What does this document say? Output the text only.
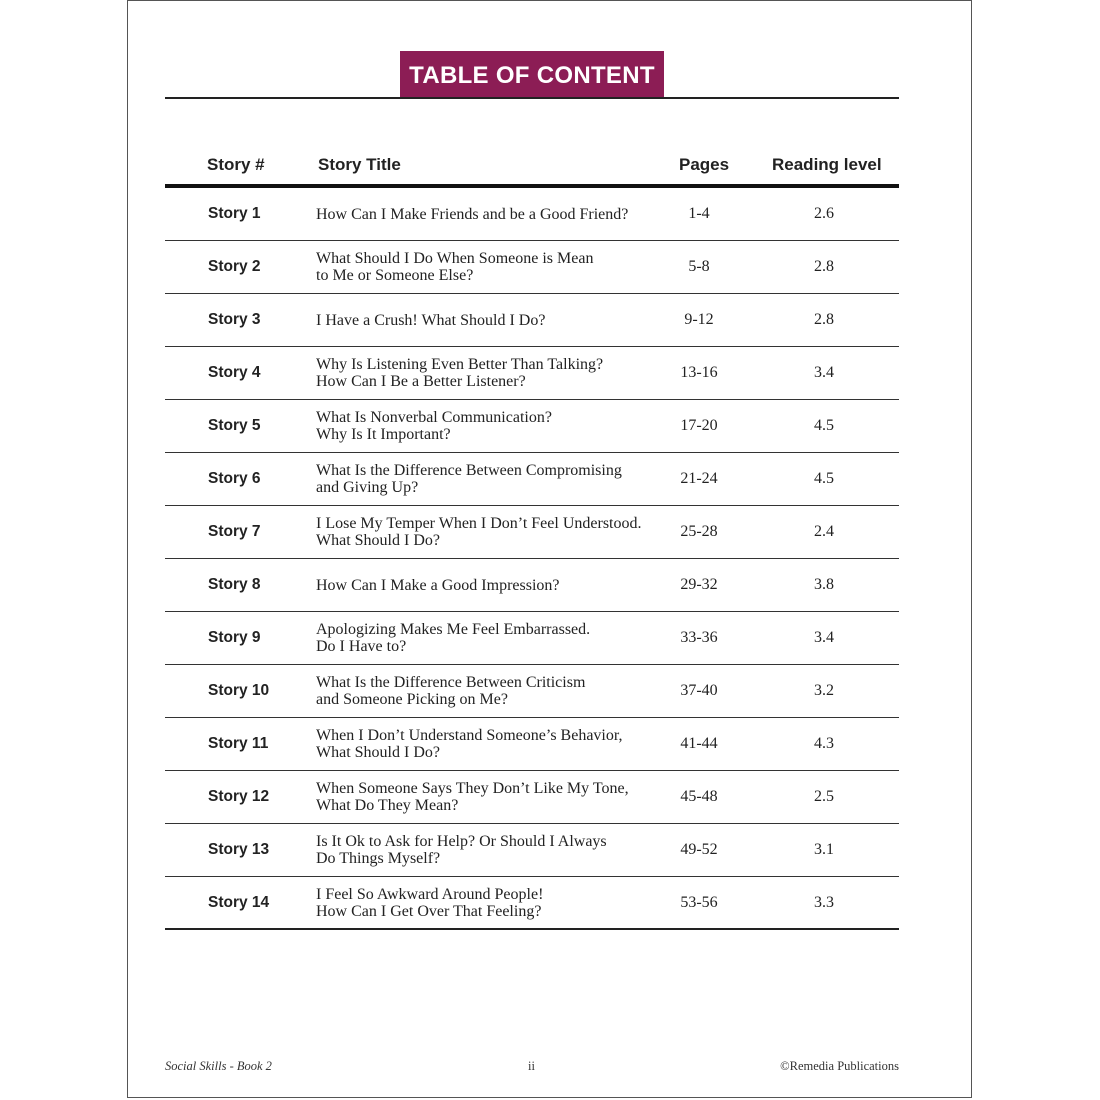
TABLE OF CONTENT
Story #	Story Title	Pages	Reading level
Story 1	How Can I Make Friends and be a Good Friend?	1-4	2.6
Story 2	What Should I Do When Someone is Mean
to Me or Someone Else?
5-8	2.8
Story 3	I Have a Crush! What Should I Do?	9-12	2.8
Story 4	Why Is Listening Even Better Than Talking?
How Can I Be a Better Listener?
13-16	3.4
Story 5	What Is Nonverbal Communication?
Why Is It Important?
17-20	4.5
Story 6	What Is the Difference Between Compromising
and Giving Up?
21-24	4.5
Story 7	I Lose My Temper When I Don’t Feel Understood.
What Should I Do?
25-28	2.4
Story 8	How Can I Make a Good Impression?	29-32	3.8
Story 9	Apologizing Makes Me Feel Embarrassed.
Do I Have to?
33-36	3.4
Story 10	What Is the Difference Between Criticism
and Someone Picking on Me?
37-40	3.2
Story 11	When I Don’t Understand Someone’s Behavior,
What Should I Do?
41-44	4.3
Story 12	When Someone Says They Don’t Like My Tone,
What Do They Mean?
45-48	2.5
Story 13	Is It Ok to Ask for Help? Or Should I Always
Do Things Myself?
49-52	3.1
Story 14	I Feel So Awkward Around People!
How Can I Get Over That Feeling?
53-56	3.3
Social Skills - Book 2	ii	©Remedia Publications
